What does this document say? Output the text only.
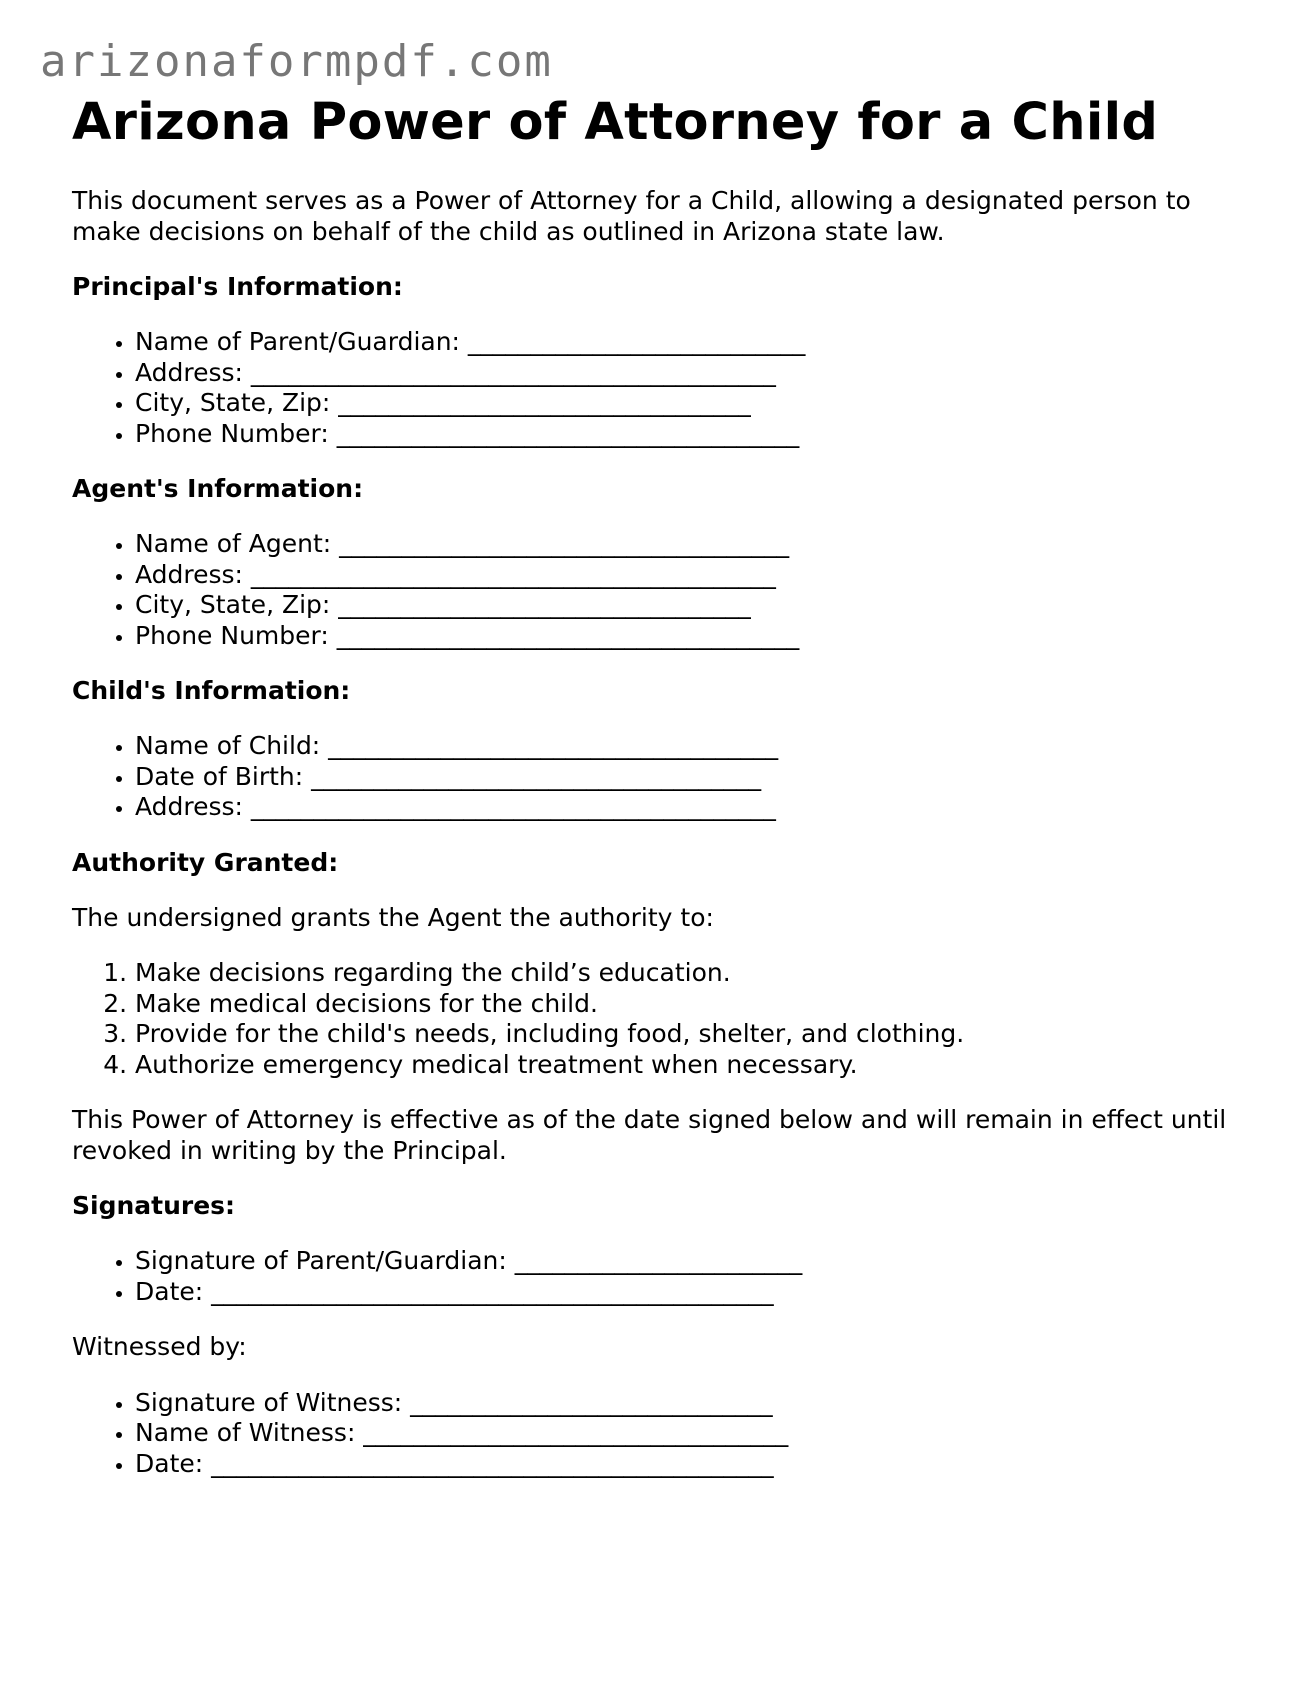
arizonaformpdf.com
Arizona Power of Attorney for a Child

This document serves as a Power of Attorney for a Child, allowing a designated person to make decisions on behalf of the child as outlined in Arizona state law.

Principal's Information:
• Name of Parent/Guardian: ___________________________
• Address: __________________________________________
• City, State, Zip: _________________________________
• Phone Number: _____________________________________
Agent's Information:
• Name of Agent: ____________________________________
• Address: __________________________________________
• City, State, Zip: _________________________________
• Phone Number: _____________________________________
Child's Information:
• Name of Child: ____________________________________
• Date of Birth: ____________________________________
• Address: __________________________________________
Authority Granted:

The undersigned grants the Agent the authority to:

1. Make decisions regarding the child’s education.
2. Make medical decisions for the child.
3. Provide for the child's needs, including food, shelter, and clothing.
4. Authorize emergency medical treatment when necessary.

This Power of Attorney is effective as of the date signed below and will remain in effect until revoked in writing by the Principal.

Signatures:
• Signature of Parent/Guardian: _______________________
• Date: _____________________________________________

Witnessed by:

• Signature of Witness: _____________________________
• Name of Witness: __________________________________
• Date: _____________________________________________
